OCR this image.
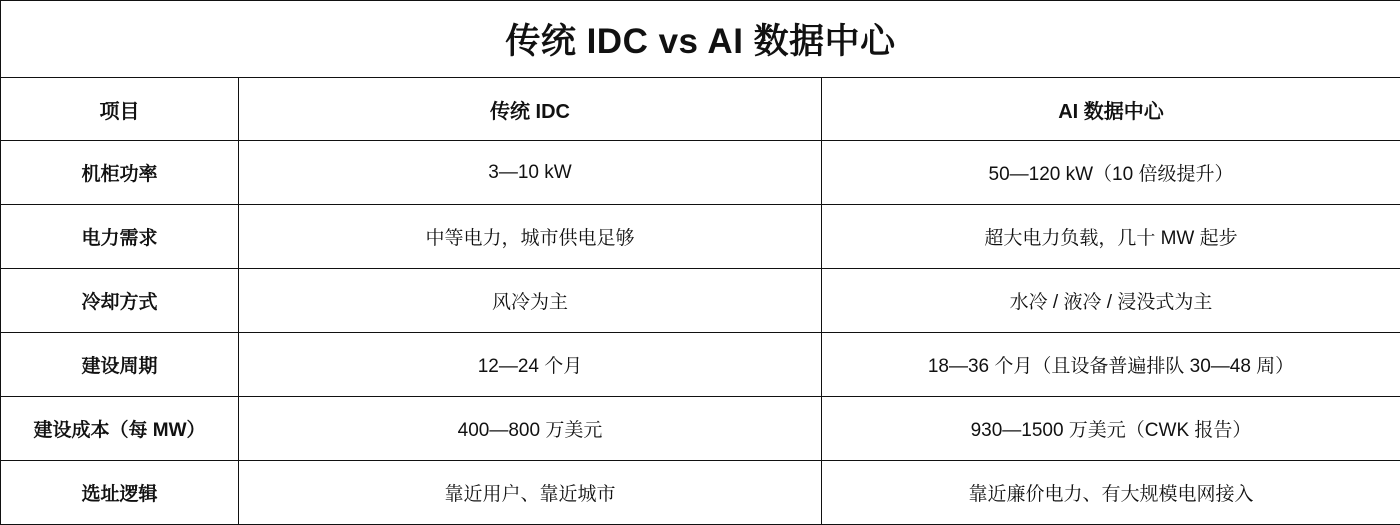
传统 IDC vs AI 数据中心		
项目	传统 IDC	AI 数据中心
机柜功率	3—10 kW	50—120 kW（10 倍级提升）
电力需求	中等电力，城市供电足够	超大电力负载，几十 MW 起步
冷却方式	风冷为主	水冷 / 液冷 / 浸没式为主
建设周期	12—24 个月	18—36 个月（且设备普遍排队 30—48 周）
建设成本（每 MW）	400—800 万美元	930—1500 万美元（CWK 报告）
选址逻辑	靠近用户、靠近城市	靠近廉价电力、有大规模电网接入
